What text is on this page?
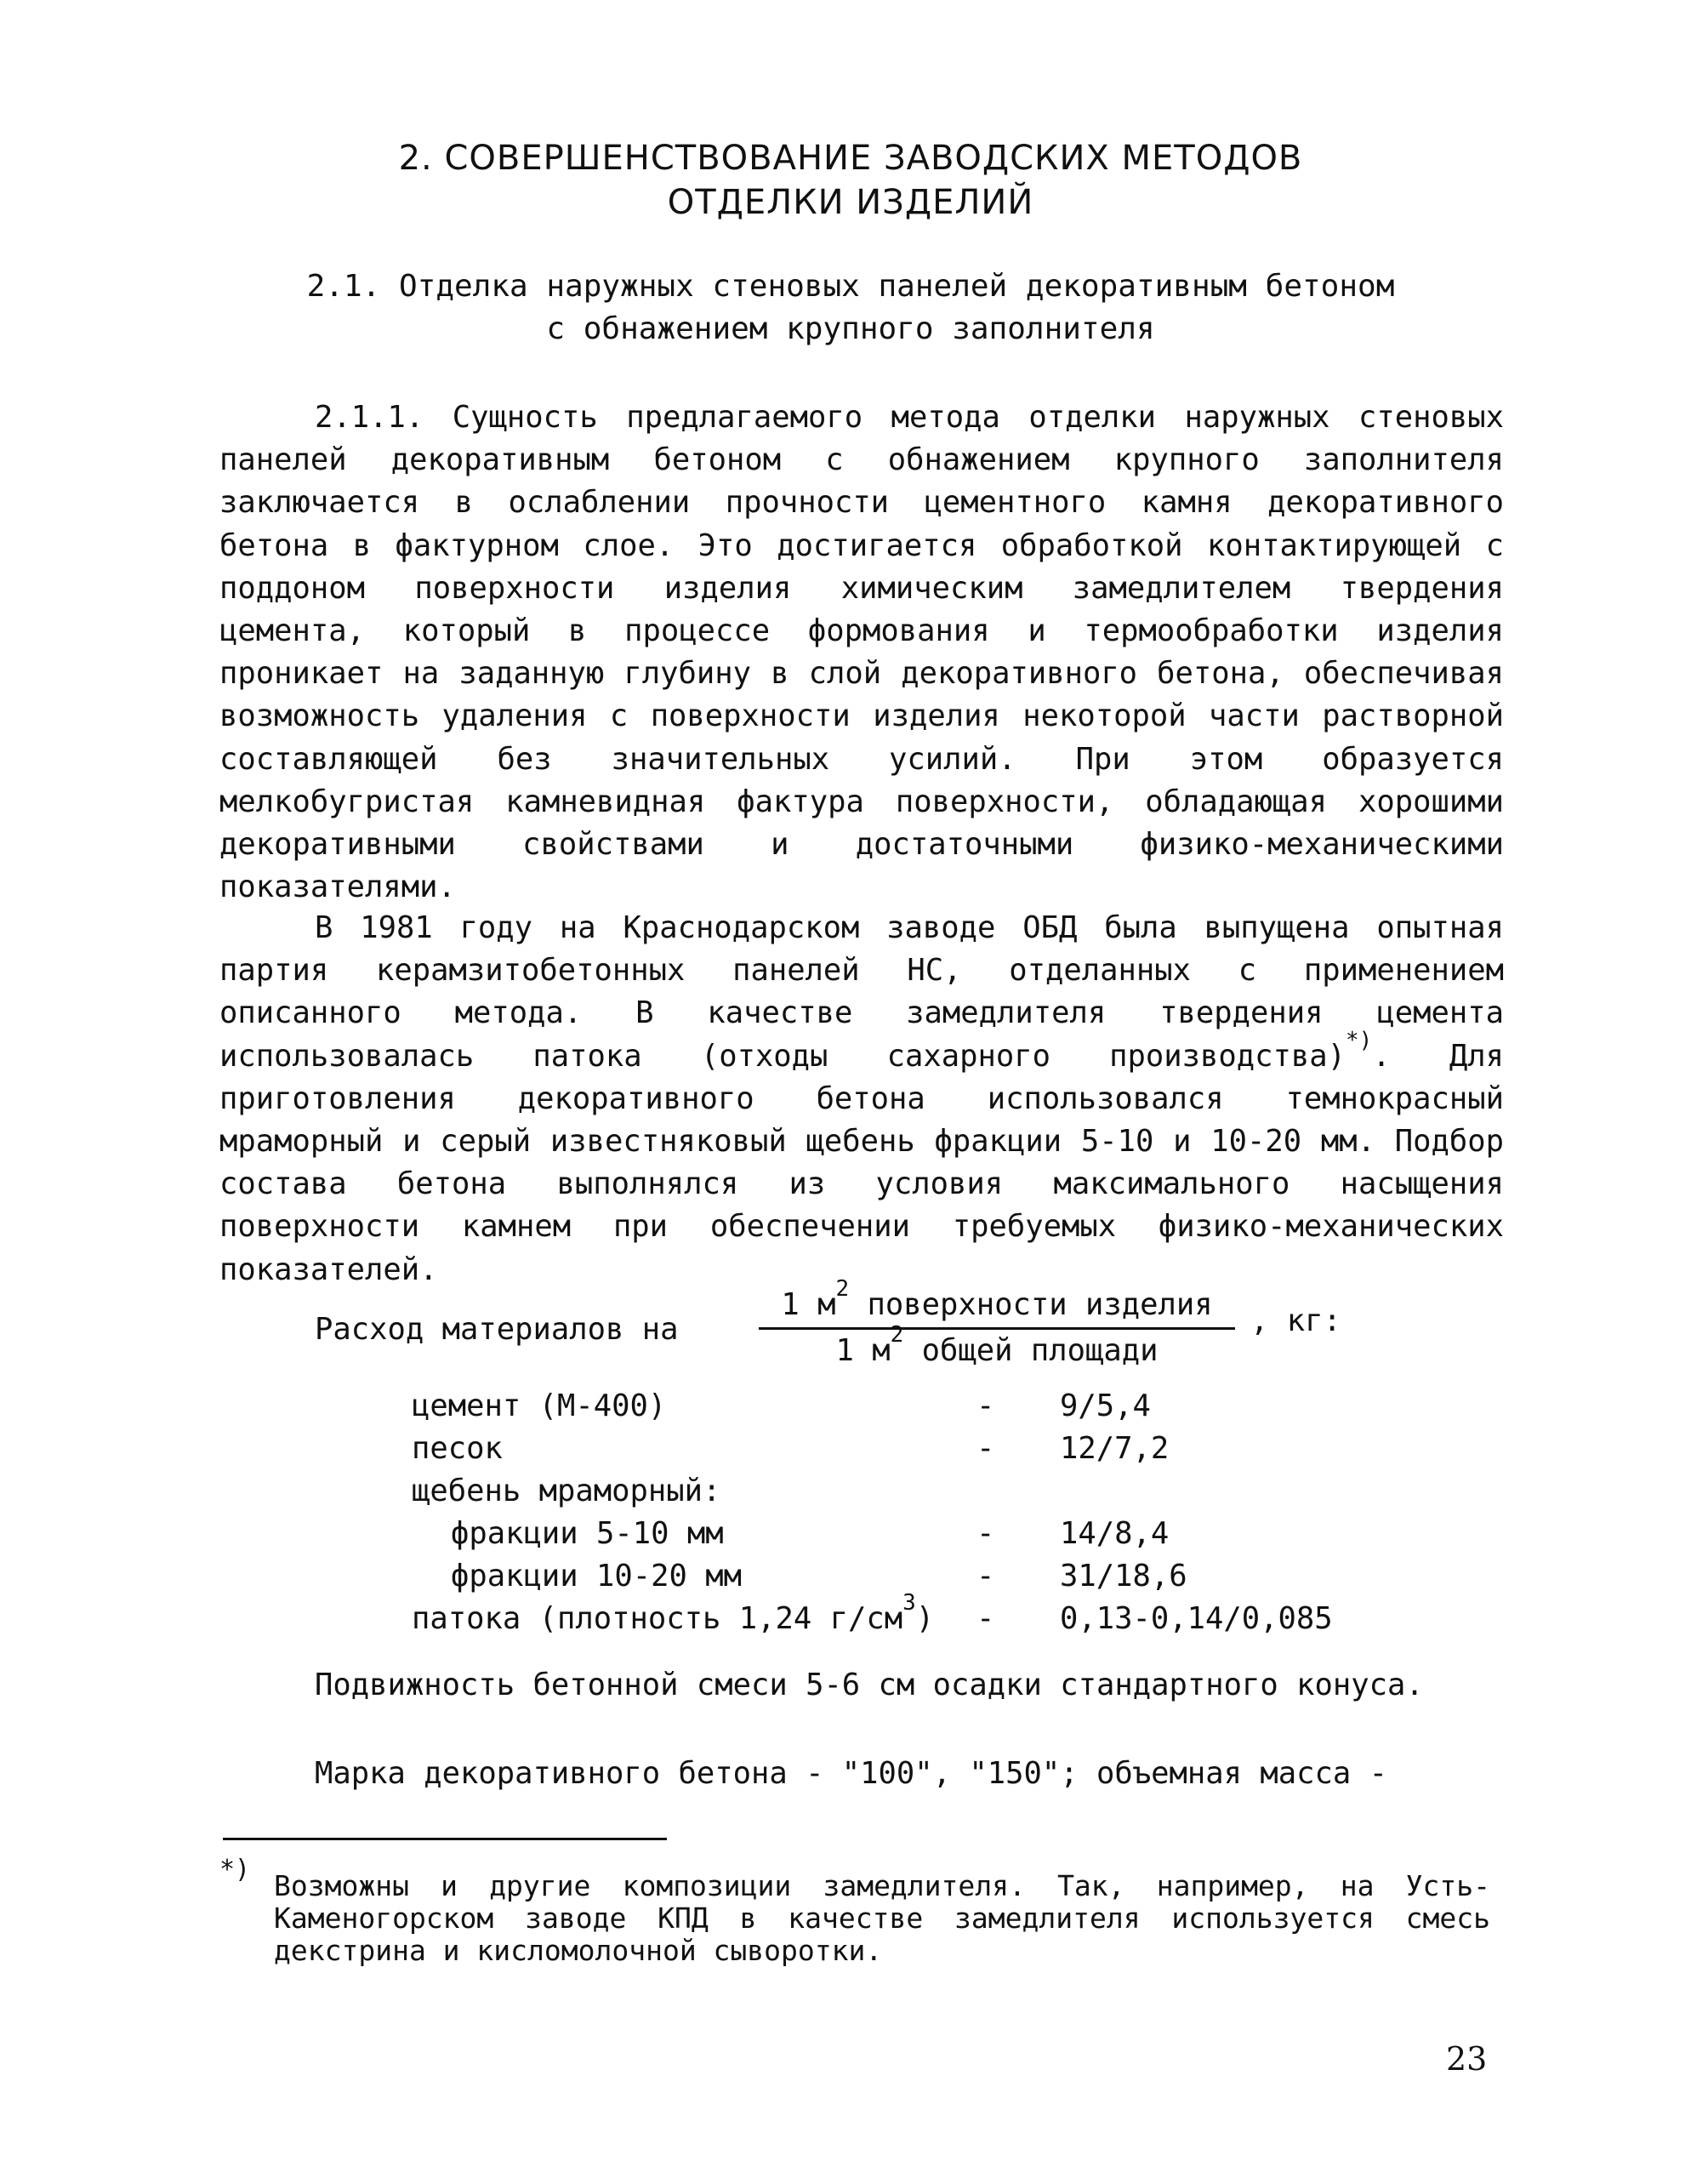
2. СОВЕРШЕНСТВОВАНИЕ ЗАВОДСКИХ МЕТОДОВ
ОТДЕЛКИ ИЗДЕЛИЙ
2.1. Отделка наружных стеновых панелей декоративным бетоном
с обнажением крупного заполнителя

2.1.1. Сущность предлагаемого метода отделки наружных стеновых панелей декоративным бетоном с обнажением крупного заполнителя заключается в ослаблении прочности цементного камня декоративного бетона в фактурном слое. Это достигается обработкой контактирующей с поддоном поверхности изделия химическим замедлителем твердения цемента, который в процессе формования и термообработки изделия проникает на заданную глубину в слой декоративного бетона, обеспечивая возможность удаления с поверхности изделия некоторой части растворной составляющей без значительных усилий. При этом образуется мелкобугристая камневидная фактура поверхности, обладающая хорошими декоративными свойствами и достаточными физико-механическими показателями.

В 1981 году на Краснодарском заводе ОБД была выпущена опытная партия керамзитобетонных панелей НС, отделанных с применением описанного метода. В качестве замедлителя твердения цемента использовалась патока (отходы сахарного производства)*). Для приготовления декоративного бетона использовался темнокрасный мраморный и серый известняковый щебень фракции 5-10 и 10-20 мм. Подбор состава бетона выполнялся из условия максимального насыщения поверхности камнем при обеспечении требуемых физико-механических показателей.

Расход материалов на
1 $м^2$ поверхности изделия
1 $м^2$ общей площади
, кг:
цемент (М-400)	- 9/5,4
песок	- 12/7,2
щебень мраморный:
фракции 5-10 мм	- 14/8,4
фракции 10-20 мм	- 31/18,6
патока (плотность 1,24 $г/см^3) - 0,13-0,14/0,085$

Подвижность бетонной смеси 5-6 см осадки стандартного конуса.

Марка декоративного бетона - "100", "150"; объемная масса -

*) Возможны и другие композиции замедлителя. Так, например, на Усть-Каменогорском заводе КПД в качестве замедлителя используется смесь декстрина и кисломолочной сыворотки.

23
